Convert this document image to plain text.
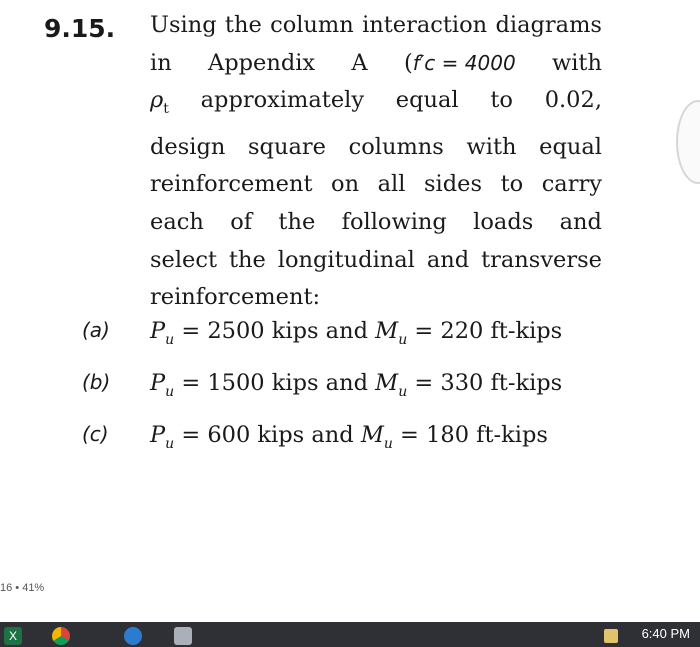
9.15. Using the column interaction diagrams
in Appendix A (f′c = 4000 with
$\rho_t$ approximately equal to 0.02,
design square columns with equal
reinforcement on all sides to carry
each of the following loads and
select the longitudinal and transverse
reinforcement:
(a) $P_u = 2500$ kips and $M_u = 220$ ft-kips
(b) $P_u = 1500$ kips and $M_u = 330$ ft-kips
(c) $P_u = 600$ kips and $M_u = 180$ ft-kips
16 • 41%
X	6:40 PM
